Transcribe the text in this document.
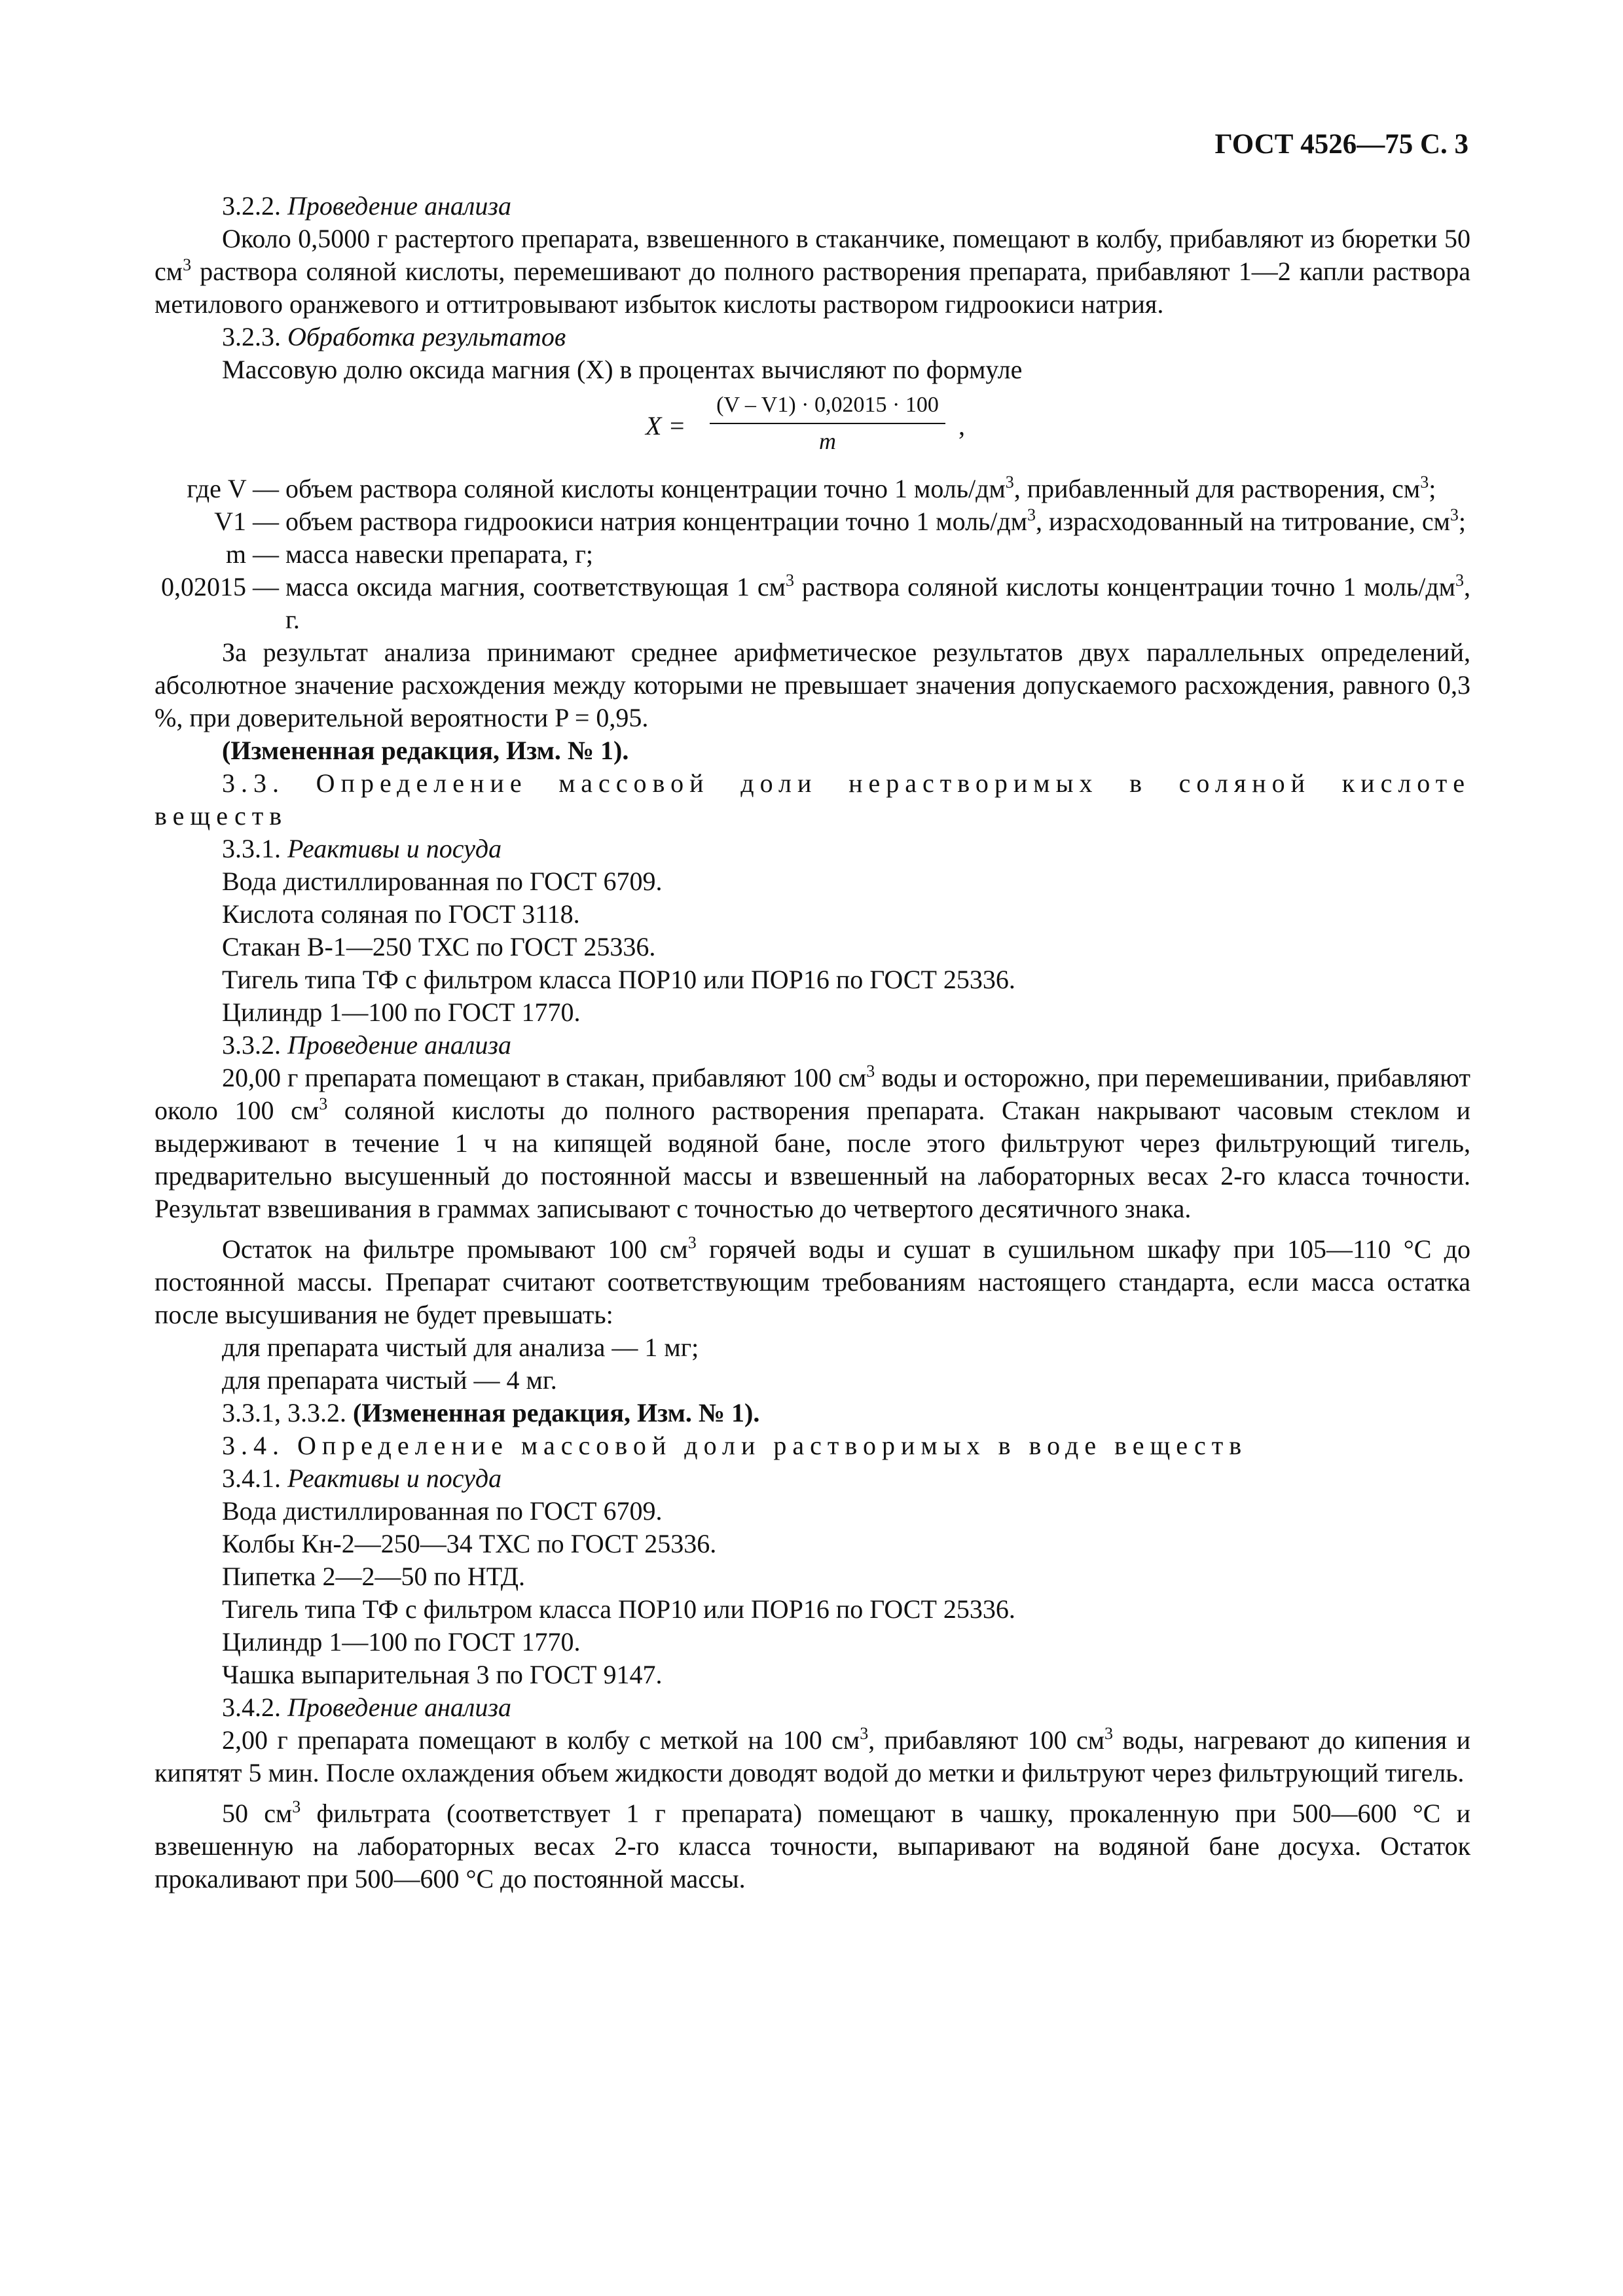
ГОСТ 4526—75 С. 3

3.2.2. Проведение анализа

Около 0,5000 г растертого препарата, взвешенного в стаканчике, помещают в колбу, прибавляют из бюретки 50 $см^3$ раствора соляной кислоты, перемешивают до полного растворения препарата, прибавляют 1—2 капли раствора метилового оранжевого и оттитровывают избыток кислоты раствором гидроокиси натрия.

3.2.3. Обработка результатов

Массовую долю оксида магния (X) в процентах вычисляют по формуле

X =
(V – V1) · 0,02015 · 100
m
,
где V — объем раствора соляной кислоты концентрации точно 1 моль/$дм^3$, прибавленный для растворения, $см^3$;
V1 — объем раствора гидроокиси натрия концентрации точно 1 моль/$дм^3$, израсходованный на титрование, $см^3$;
m — масса навески препарата, г;
0,02015 — масса оксида магния, соответствующая 1 $см^3$ раствора соляной кислоты концентрации точно 1 моль/$дм^3$, г.

За результат анализа принимают среднее арифметическое результатов двух параллельных определений, абсолютное значение расхождения между которыми не превышает значения допускаемого расхождения, равного 0,3 %, при доверительной вероятности P = 0,95.

(Измененная редакция, Изм. № 1).

3.3. Определение массовой доли нерастворимых в соляной кислоте веществ

3.3.1. Реактивы и посуда

Вода дистиллированная по ГОСТ 6709.

Кислота соляная по ГОСТ 3118.

Стакан В-1—250 ТХС по ГОСТ 25336.

Тигель типа ТФ с фильтром класса ПОР10 или ПОР16 по ГОСТ 25336.

Цилиндр 1—100 по ГОСТ 1770.

3.3.2. Проведение анализа

20,00 г препарата помещают в стакан, прибавляют 100 $см^3$ воды и осторожно, при перемешивании, прибавляют около 100 $см^3$ соляной кислоты до полного растворения препарата. Стакан накрывают часовым стеклом и выдерживают в течение 1 ч на кипящей водяной бане, после этого фильтруют через фильтрующий тигель, предварительно высушенный до постоянной массы и взвешенный на лабораторных весах 2-го класса точности. Результат взвешивания в граммах записывают с точностью до четвертого десятичного знака.

Остаток на фильтре промывают 100 $см^3$ горячей воды и сушат в сушильном шкафу при 105—110 °С до постоянной массы. Препарат считают соответствующим требованиям настоящего стандарта, если масса остатка после высушивания не будет превышать:

для препарата чистый для анализа — 1 мг;

для препарата чистый — 4 мг.

3.3.1, 3.3.2. (Измененная редакция, Изм. № 1).

3.4. Определение массовой доли растворимых в воде веществ

3.4.1. Реактивы и посуда

Вода дистиллированная по ГОСТ 6709.

Колбы Кн-2—250—34 ТХС по ГОСТ 25336.

Пипетка 2—2—50 по НТД.

Тигель типа ТФ с фильтром класса ПОР10 или ПОР16 по ГОСТ 25336.

Цилиндр 1—100 по ГОСТ 1770.

Чашка выпарительная 3 по ГОСТ 9147.

3.4.2. Проведение анализа

2,00 г препарата помещают в колбу с меткой на 100 $см^3$, прибавляют 100 $см^3$ воды, нагревают до кипения и кипятят 5 мин. После охлаждения объем жидкости доводят водой до метки и фильтруют через фильтрующий тигель.

50 $см^3$ фильтрата (соответствует 1 г препарата) помещают в чашку, прокаленную при 500—600 °С и взвешенную на лабораторных весах 2-го класса точности, выпаривают на водяной бане досуха. Остаток прокаливают при 500—600 °С до постоянной массы.
